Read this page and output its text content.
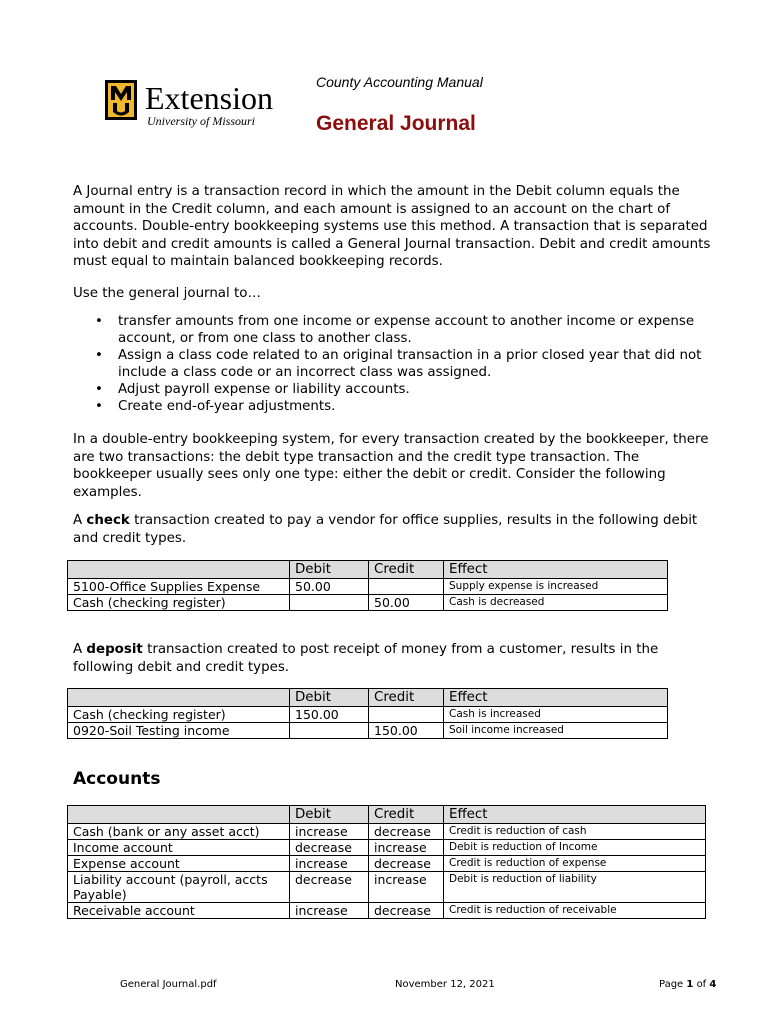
Extension
University of Missouri
County Accounting Manual
General Journal
A Journal entry is a transaction record in which the amount in the Debit column equals the amount in the Credit column, and each amount is assigned to an account on the chart of accounts. Double-entry bookkeeping systems use this method. A transaction that is separated into debit and credit amounts is called a General Journal transaction. Debit and credit amounts must equal to maintain balanced bookkeeping records.
Use the general journal to…
• transfer amounts from one income or expense account to another income or expense account, or from one class to another class.
• Assign a class code related to an original transaction in a prior closed year that did not include a class code or an incorrect class was assigned.
• Adjust payroll expense or liability accounts.
• Create end-of-year adjustments.
In a double-entry bookkeeping system, for every transaction created by the bookkeeper, there are two transactions: the debit type transaction and the credit type transaction. The bookkeeper usually sees only one type: either the debit or credit. Consider the following examples.
A check transaction created to pay a vendor for office supplies, results in the following debit and credit types.
	Debit	Credit	Effect
5100-Office Supplies Expense	50.00		Supply expense is increased
Cash (checking register)		50.00	Cash is decreased
A deposit transaction created to post receipt of money from a customer, results in the following debit and credit types.
	Debit	Credit	Effect
Cash (checking register)	150.00		Cash is increased
0920-Soil Testing income		150.00	Soil income increased
Accounts
	Debit	Credit	Effect
Cash (bank or any asset acct)	increase	decrease	Credit is reduction of cash
Income account	decrease	increase	Debit is reduction of Income
Expense account	increase	decrease	Credit is reduction of expense
Liability account (payroll, accts Payable)	decrease	increase	Debit is reduction of liability
Receivable account	increase	decrease	Credit is reduction of receivable
General Journal.pdf	November 12, 2021	Page 1 of 4
